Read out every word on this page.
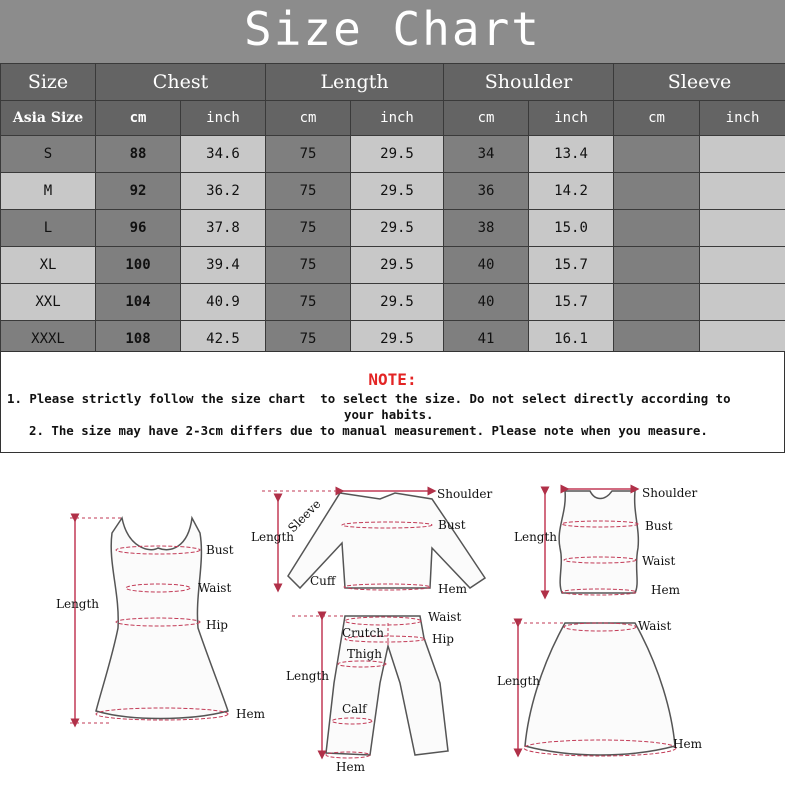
Size Chart
Size	Chest		Length		Shoulder		Sleeve	
Asia Size	cm	inch	cm	inch	cm	inch	cm	inch
S	88	34.6	75	29.5	34	13.4		
M	92	36.2	75	29.5	36	14.2		
L	96	37.8	75	29.5	38	15.0		
XL	100	39.4	75	29.5	40	15.7		
XXL	104	40.9	75	29.5	40	15.7		
XXXL	108	42.5	75	29.5	41	16.1		
NOTE:
1. Please strictly follow the size chart  to select the size. Do not select directly according to
your habits.
2. The size may have 2-3cm differs due to manual measurement. Please note when you measure.
Bust
Waist
Hip
Length
Hem
Shoulder
Bust
Length
Sleeve
Cuff
Hem
Shoulder
Bust
Length
Waist
Hem
Waist
Crutch	Hip
Thigh
Length
Calf
Hem
Waist
Length
Hem
